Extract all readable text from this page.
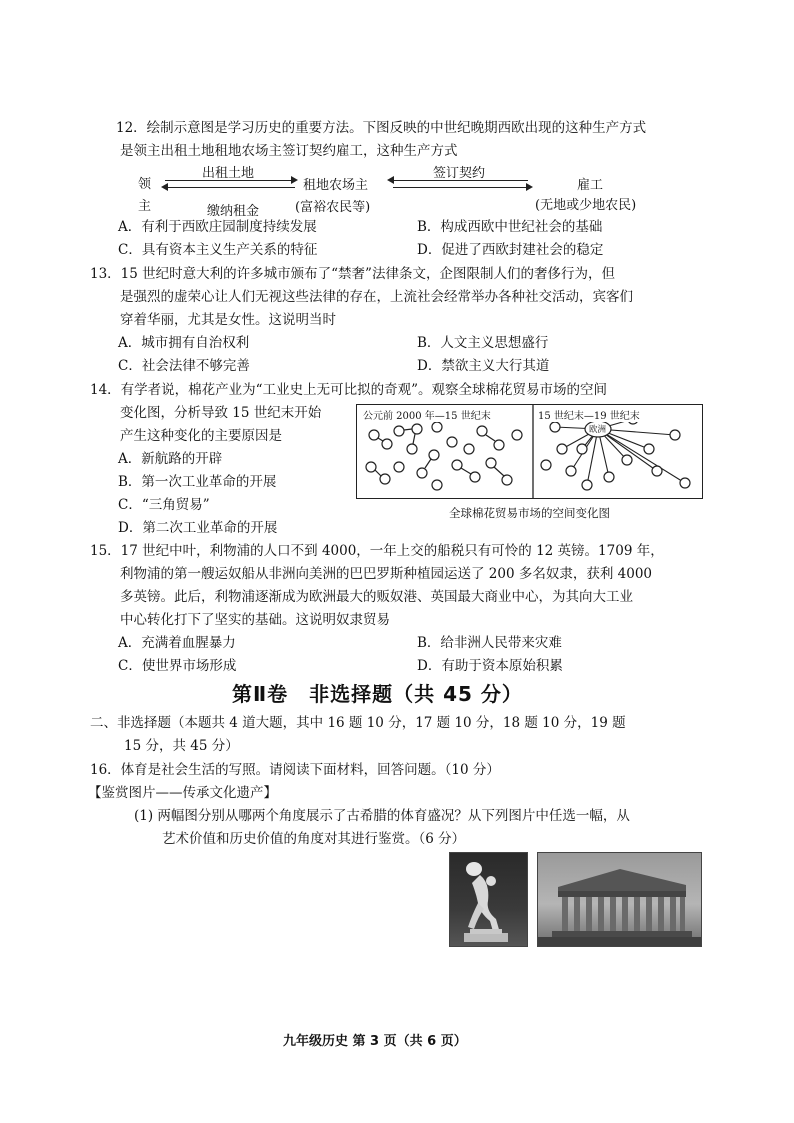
12．绘制示意图是学习历史的重要方法。下图反映的中世纪晚期西欧出现的这种生产方式
是领主出租土地租地农场主签订契约雇工，这种生产方式
领
主
出租土地
缴纳租金
租地农场主
(富裕农民等)
签订契约
雇工
(无地或少地农民)
A．有利于西欧庄园制度持续发展	B．构成西欧中世纪社会的基础
C．具有资本主义生产关系的特征	D．促进了西欧封建社会的稳定
13．15 世纪时意大利的许多城市颁布了“禁奢”法律条文，企图限制人们的奢侈行为，但
是强烈的虚荣心让人们无视这些法律的存在，上流社会经常举办各种社交活动，宾客们
穿着华丽，尤其是女性。这说明当时
A．城市拥有自治权利	B．人文主义思想盛行
C．社会法律不够完善	D．禁欲主义大行其道
14．有学者说，棉花产业为“工业史上无可比拟的奇观”。观察全球棉花贸易市场的空间
变化图，分析导致 15 世纪末开始
产生这种变化的主要原因是
A．新航路的开辟
B．第一次工业革命的开展
C．“三角贸易”
D．第二次工业革命的开展
公元前 2000 年—15 世纪末	15 世纪末—19 世纪末
欧洲
全球棉花贸易市场的空间变化图
15．17 世纪中叶，利物浦的人口不到 4000，一年上交的船税只有可怜的 12 英镑。1709 年，
利物浦的第一艘运奴船从非洲向美洲的巴巴罗斯种植园运送了 200 多名奴隶，获利 4000
多英镑。此后，利物浦逐渐成为欧洲最大的贩奴港、英国最大商业中心，为其向大工业
中心转化打下了坚实的基础。这说明奴隶贸易
A．充满着血腥暴力	B．给非洲人民带来灾难
C．使世界市场形成	D．有助于资本原始积累
第Ⅱ卷　非选择题（共 45 分）
二、非选择题（本题共 4 道大题，其中 16 题 10 分，17 题 10 分，18 题 10 分，19 题
15 分，共 45 分）
16．体育是社会生活的写照。请阅读下面材料，回答问题。（10 分）
【鉴赏图片——传承文化遗产】
(1) 两幅图分别从哪两个角度展示了古希腊的体育盛况？从下列图片中任选一幅，从
艺术价值和历史价值的角度对其进行鉴赏。（6 分）
九年级历史 第 3 页（共 6 页）
